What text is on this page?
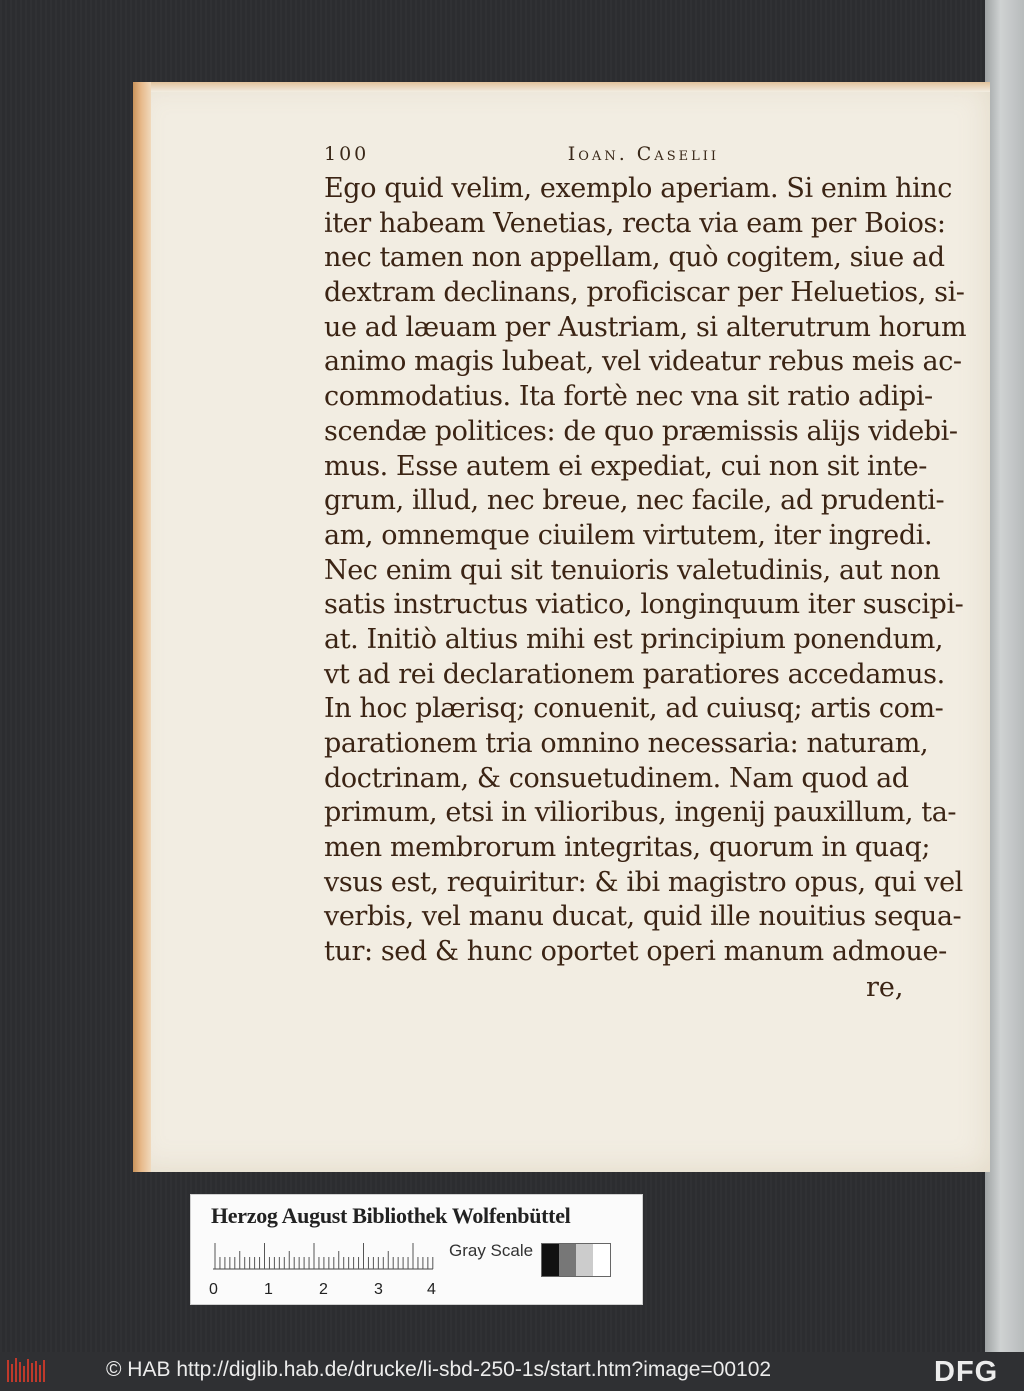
100	Ioan. Caselii
Ego quid velim, exemplo aperiam. Si enim hinc
iter habeam Venetias, recta via eam per Boios:
nec tamen non appellam, quò cogitem, siue ad
dextram declinans, proficiscar per Heluetios, si-
ue ad læuam per Austriam, si alterutrum horum
animo magis lubeat, vel videatur rebus meis ac-
commodatius. Ita fortè nec vna sit ratio adipi-
scendæ politices: de quo præmissis alijs videbi-
mus. Esse autem ei expediat, cui non sit inte-
grum, illud, nec breue, nec facile, ad prudenti-
am, omnemque ciuilem virtutem, iter ingredi.
Nec enim qui sit tenuioris valetudinis, aut non
satis instructus viatico, longinquum iter suscipi-
at. Initiò altius mihi est principium ponendum,
vt ad rei declarationem paratiores accedamus.
In hoc plærisq; conuenit, ad cuiusq; artis com-
parationem tria omnino necessaria: naturam,
doctrinam, & consuetudinem. Nam quod ad
primum, etsi in vilioribus, ingenij pauxillum, ta-
men membrorum integritas, quorum in quaq;
vsus est, requiritur: & ibi magistro opus, qui vel
verbis, vel manu ducat, quid ille nouitius sequa-
tur: sed & hunc oportet operi manum admoue-
re,
Herzog August Bibliothek Wolfenbüttel
0	1	2	3	4
Gray Scale
© HAB http://diglib.hab.de/drucke/li-sbd-250-1s/start.htm?image=00102	DFG
